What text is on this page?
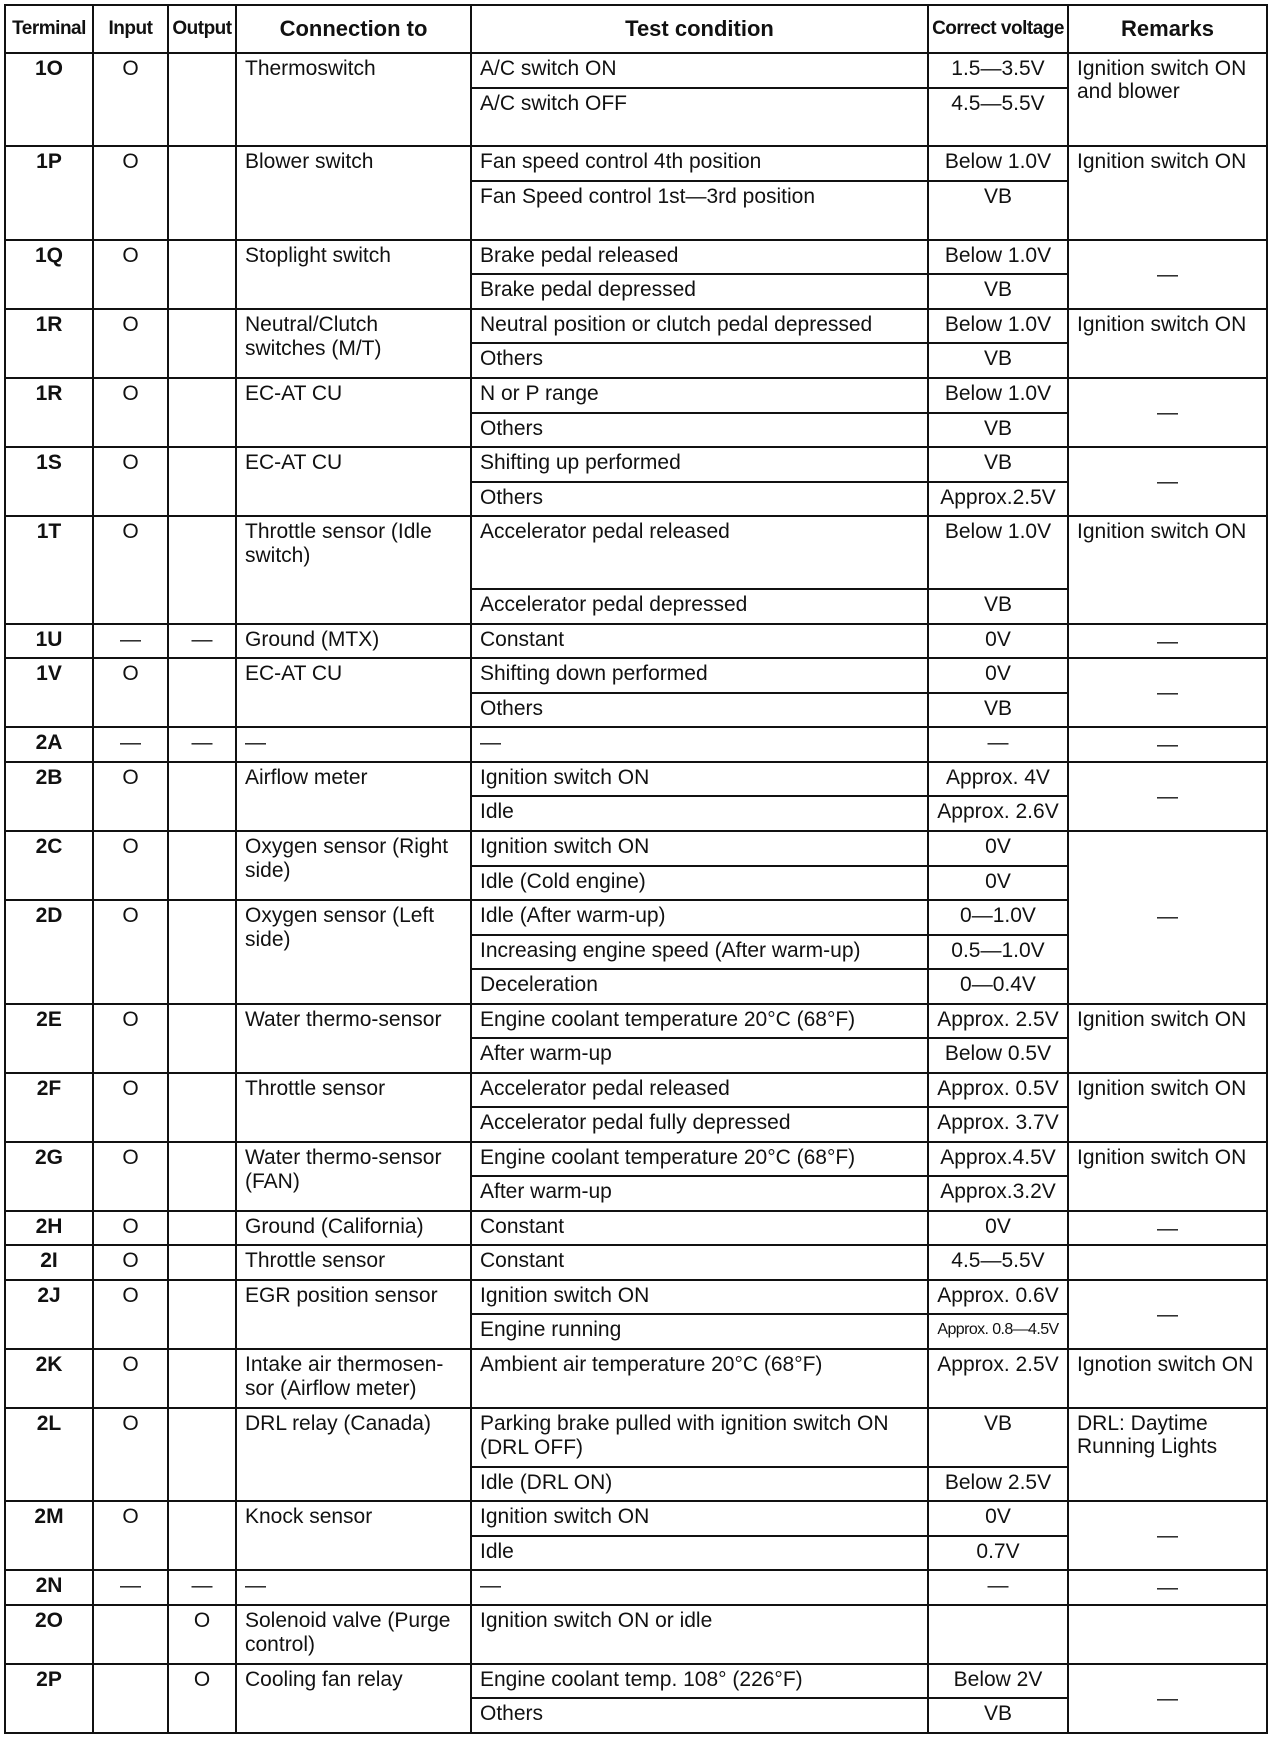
Terminal	Input	Output	Connection to	Test condition	Correct voltage	Remarks
1O	O		Thermoswitch	A/C switch ON	1.5—3.5V	Ignition switch ON and blower
				A/C switch OFF	4.5—5.5V	
1P	O		Blower switch	Fan speed control 4th position	Below 1.0V	Ignition switch ON
				Fan Speed control 1st—3rd position	VB	
1Q	O		Stoplight switch	Brake pedal released	Below 1.0V	—
				Brake pedal depressed	VB	
1R	O		Neutral/Clutch switches (M/T)	Neutral position or clutch pedal depressed	Below 1.0V	Ignition switch ON
				Others	VB	
1R	O		EC-AT CU	N or P range	Below 1.0V	—
				Others	VB	
1S	O		EC-AT CU	Shifting up performed	VB	—
				Others	Approx.2.5V	
1T	O		Throttle sensor (Idle switch)	Accelerator pedal released	Below 1.0V	Ignition switch ON
				Accelerator pedal depressed	VB	
1U	—	—	Ground (MTX)	Constant	0V	—
1V	O		EC-AT CU	Shifting down performed	0V	—
				Others	VB	
2A	—	—	—	—	—	—
2B	O		Airflow meter	Ignition switch ON	Approx. 4V	—
				Idle	Approx. 2.6V	
2C	O		Oxygen sensor (Right side)	Ignition switch ON	0V	—
				Idle (Cold engine)	0V	
2D	O		Oxygen sensor (Left side)	Idle (After warm-up)	0—1.0V	
				Increasing engine speed (After warm-up)	0.5—1.0V	
				Deceleration	0—0.4V	
2E	O		Water thermo-sensor	Engine coolant temperature 20°C (68°F)	Approx. 2.5V	Ignition switch ON
				After warm-up	Below 0.5V	
2F	O		Throttle sensor	Accelerator pedal released	Approx. 0.5V	Ignition switch ON
				Accelerator pedal fully depressed	Approx. 3.7V	
2G	O		Water thermo-sensor (FAN)	Engine coolant temperature 20°C (68°F)	Approx.4.5V	Ignition switch ON
				After warm-up	Approx.3.2V	
2H	O		Ground (California)	Constant	0V	—
2I	O		Throttle sensor	Constant	4.5—5.5V	
2J	O		EGR position sensor	Ignition switch ON	Approx. 0.6V	—
				Engine running	Approx. 0.8—4.5V	
2K	O		Intake air thermosen-sor (Airflow meter)	Ambient air temperature 20°C (68°F)	Approx. 2.5V	Ignotion switch ON
2L	O		DRL relay (Canada)	Parking brake pulled with ignition switch ON (DRL OFF)	VB	DRL: Daytime Running Lights
				Idle (DRL ON)	Below 2.5V	
2M	O		Knock sensor	Ignition switch ON	0V	—
				Idle	0.7V	
2N	—	—	—	—	—	—
2O		O	Solenoid valve (Purge control)	Ignition switch ON or idle		
2P		O	Cooling fan relay	Engine coolant temp. 108° (226°F)	Below 2V	—
				Others	VB	
